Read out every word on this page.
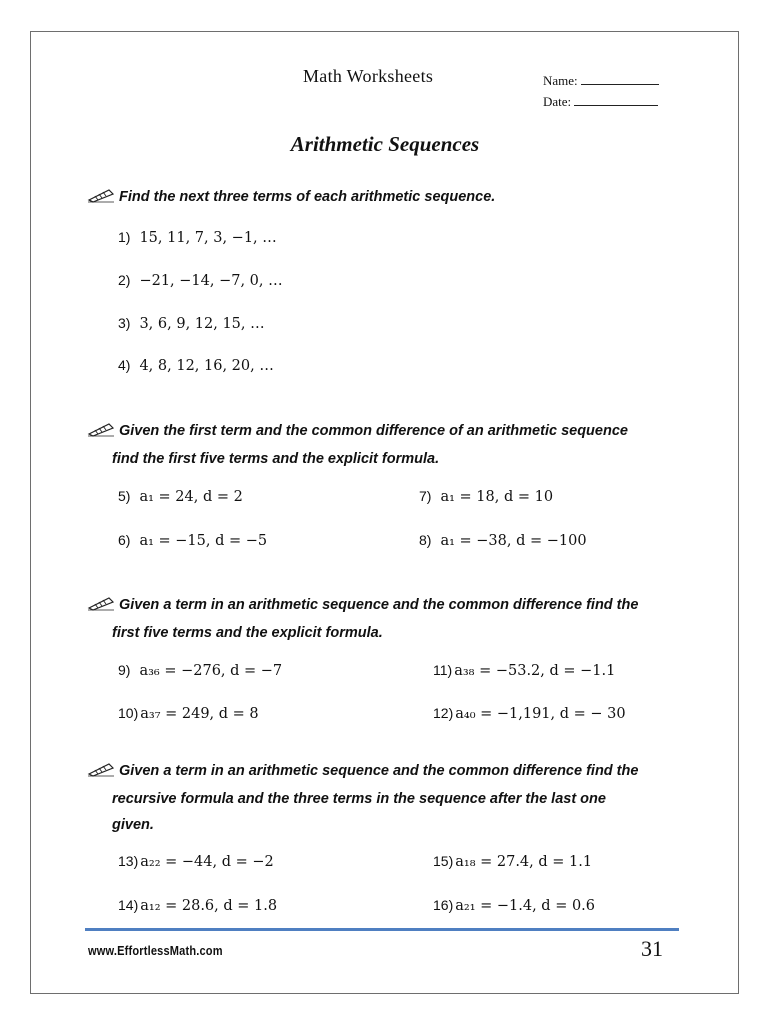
Math Worksheets	Name:
Date:
Arithmetic Sequences
Find the next three terms of each arithmetic sequence.
1) 15, 11, 7, 3, −1, …
2) −21, −14, −7, 0, …
3) 3, 6, 9, 12, 15, …
4) 4, 8, 12, 16, 20, …
Given the first term and the common difference of an arithmetic sequence
find the first five terms and the explicit formula.
5) a₁ = 24, d = 2	7) a₁ = 18, d = 10
6) a₁ = −15, d = −5	8) a₁ = −38, d = −100
Given a term in an arithmetic sequence and the common difference find the
first five terms and the explicit formula.
9) a₃₆ = −276, d = −7	11) a₃₈ = −53.2, d = −1.1
10) a₃₇ = 249, d = 8	12) a₄₀ = −1,191, d = − 30
Given a term in an arithmetic sequence and the common difference find the
recursive formula and the three terms in the sequence after the last one
given.
13) a₂₂ = −44, d = −2	15) a₁₈ = 27.4, d = 1.1
14) a₁₂ = 28.6, d = 1.8	16) a₂₁ = −1.4, d = 0.6
www.EffortlessMath.com	31
